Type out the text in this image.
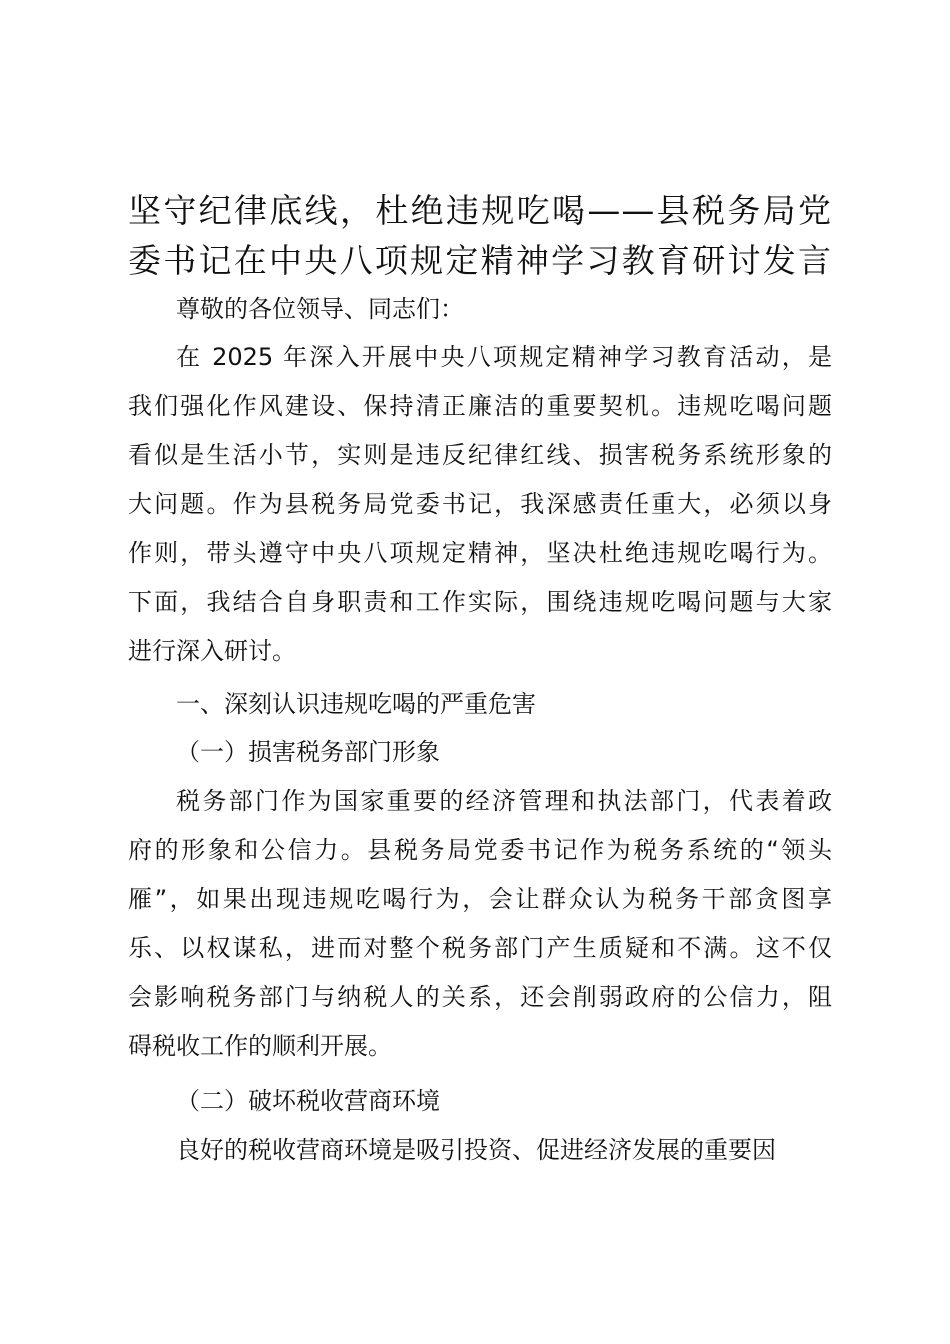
坚守纪律底线，杜绝违规吃喝——县税务局党
委书记在中央八项规定精神学习教育研讨发言

尊敬的各位领导、同志们：

在 2025 年深入开展中央八项规定精神学习教育活动，是
我们强化作风建设、保持清正廉洁的重要契机。违规吃喝问题
看似是生活小节，实则是违反纪律红线、损害税务系统形象的
大问题。作为县税务局党委书记，我深感责任重大，必须以身
作则，带头遵守中央八项规定精神，坚决杜绝违规吃喝行为。
下面，我结合自身职责和工作实际，围绕违规吃喝问题与大家
进行深入研讨。

一、深刻认识违规吃喝的严重危害

（一）损害税务部门形象

税务部门作为国家重要的经济管理和执法部门，代表着政
府的形象和公信力。县税务局党委书记作为税务系统的“领头
雁”，如果出现违规吃喝行为，会让群众认为税务干部贪图享
乐、以权谋私，进而对整个税务部门产生质疑和不满。这不仅
会影响税务部门与纳税人的关系，还会削弱政府的公信力，阻
碍税收工作的顺利开展。

（二）破坏税收营商环境

良好的税收营商环境是吸引投资、促进经济发展的重要因
